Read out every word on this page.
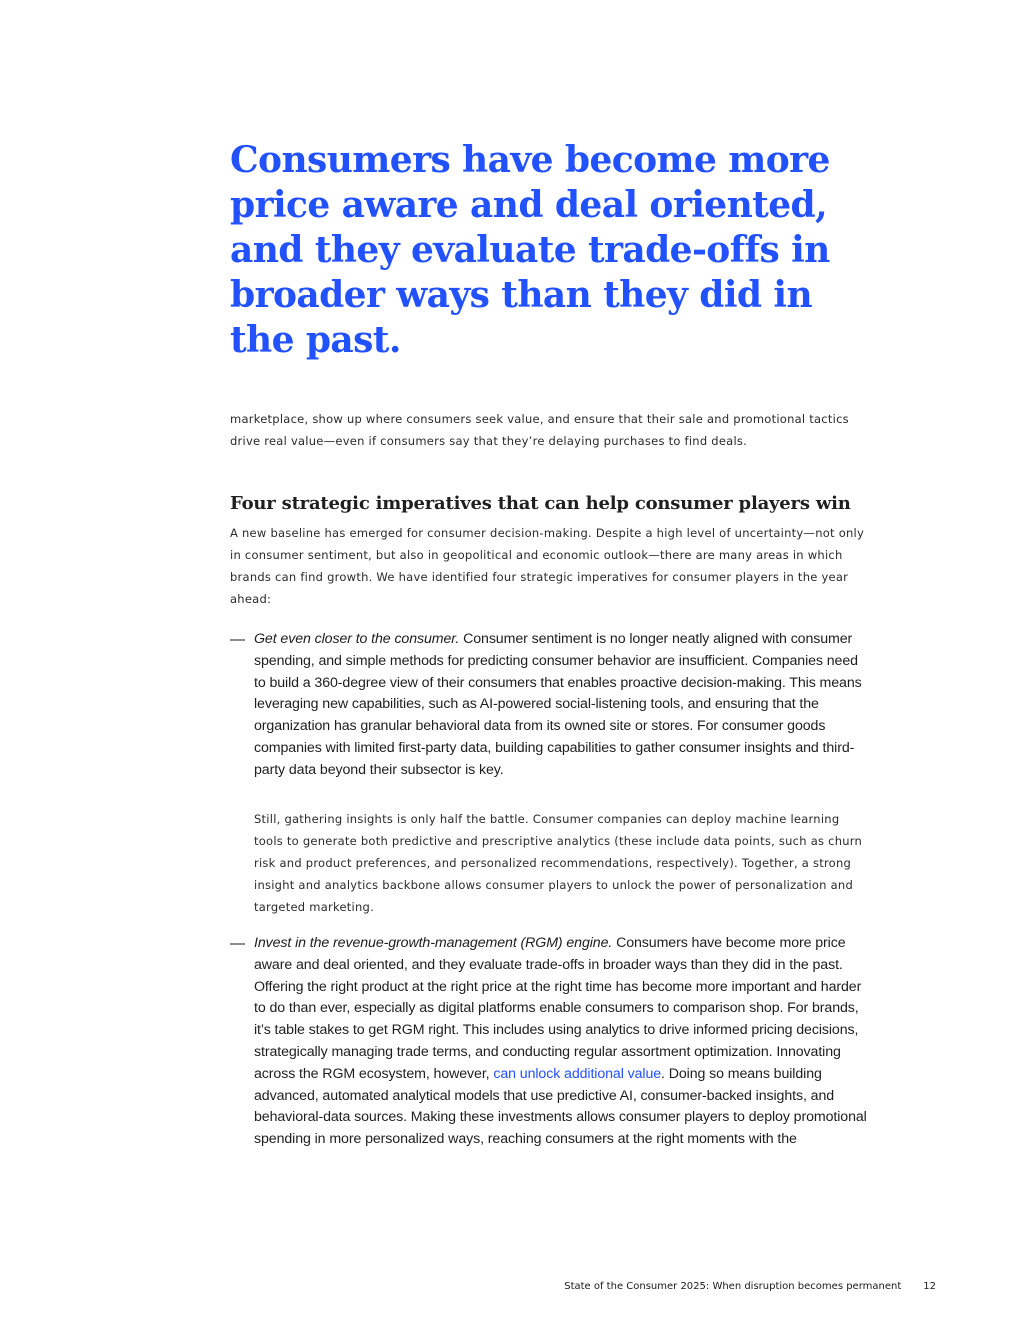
Consumers have become more price aware and deal oriented, and they evaluate trade-offs in broader ways than they did in the past.

marketplace, show up where consumers seek value, and ensure that their sale and promotional tactics drive real value—even if consumers say that they’re delaying purchases to find deals.

Four strategic imperatives that can help consumer players win

A new baseline has emerged for consumer decision-making. Despite a high level of uncertainty—not only in consumer sentiment, but also in geopolitical and economic outlook—there are many areas in which brands can find growth. We have identified four strategic imperatives for consumer players in the year ahead:

— Get even closer to the consumer. Consumer sentiment is no longer neatly aligned with consumer spending, and simple methods for predicting consumer behavior are insufficient. Companies need to build a 360-degree view of their consumers that enables proactive decision-making. This means leveraging new capabilities, such as AI-powered social-listening tools, and ensuring that the organization has granular behavioral data from its owned site or stores. For consumer goods companies with limited first-party data, building capabilities to gather consumer insights and third-party data beyond their subsector is key.

Still, gathering insights is only half the battle. Consumer companies can deploy machine learning tools to generate both predictive and prescriptive analytics (these include data points, such as churn risk and product preferences, and personalized recommendations, respectively). Together, a strong insight and analytics backbone allows consumer players to unlock the power of personalization and targeted marketing.

— Invest in the revenue-growth-management (RGM) engine. Consumers have become more price aware and deal oriented, and they evaluate trade-offs in broader ways than they did in the past. Offering the right product at the right price at the right time has become more important and harder to do than ever, especially as digital platforms enable consumers to comparison shop. For brands, it’s table stakes to get RGM right. This includes using analytics to drive informed pricing decisions, strategically managing trade terms, and conducting regular assortment optimization. Innovating across the RGM ecosystem, however, can unlock additional value. Doing so means building advanced, automated analytical models that use predictive AI, consumer-backed insights, and behavioral-data sources. Making these investments allows consumer players to deploy promotional spending in more personalized ways, reaching consumers at the right moments with the

State of the Consumer 2025: When disruption becomes permanent 12
